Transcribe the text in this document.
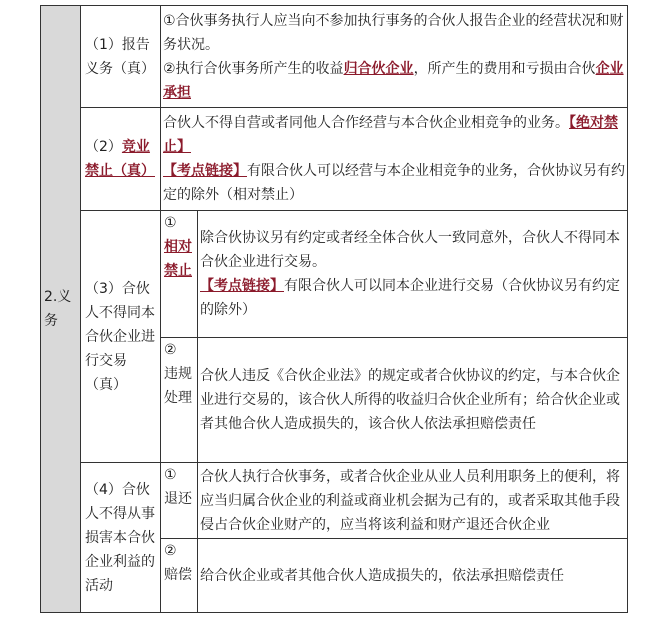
2.义务	（1）报告义务（真）	
①合伙事务执行人应当向不参加执行事务的合伙人报告企业的经营状况和财务状况。
②执行合伙事务所产生的收益归合伙企业，所产生的费用和亏损由合伙企业承担

（2）竞业禁止（真）	
合伙人不得自营或者同他人合作经营与本合伙企业相竞争的业务。【绝对禁止】
【考点链接】有限合伙人可以经营与本企业相竞争的业务，合伙协议另有约定的除外（相对禁止）

（3）合伙人不得同本合伙企业进行交易（真）	
①
相对禁止

除合伙协议另有约定或者经全体合伙人一致同意外，合伙人不得同本合伙企业进行交易。
【考点链接】有限合伙人可以同本企业进行交易（合伙协议另有约定的除外）

②
违规处理
	合伙人违反《合伙企业法》的规定或者合伙协议的约定，与本合伙企业进行交易的，该合伙人所得的收益归合伙企业所有；给合伙企业或者其他合伙人造成损失的，该合伙人依法承担赔偿责任
（4）合伙人不得从事损害本合伙企业利益的活动	
①
退还
	合伙人执行合伙事务，或者合伙企业从业人员利用职务上的便利，将应当归属合伙企业的利益或商业机会据为己有的，或者采取其他手段侵占合伙企业财产的，应当将该利益和财产退还合伙企业

②
赔偿	给合伙企业或者其他合伙人造成损失的，依法承担赔偿责任
